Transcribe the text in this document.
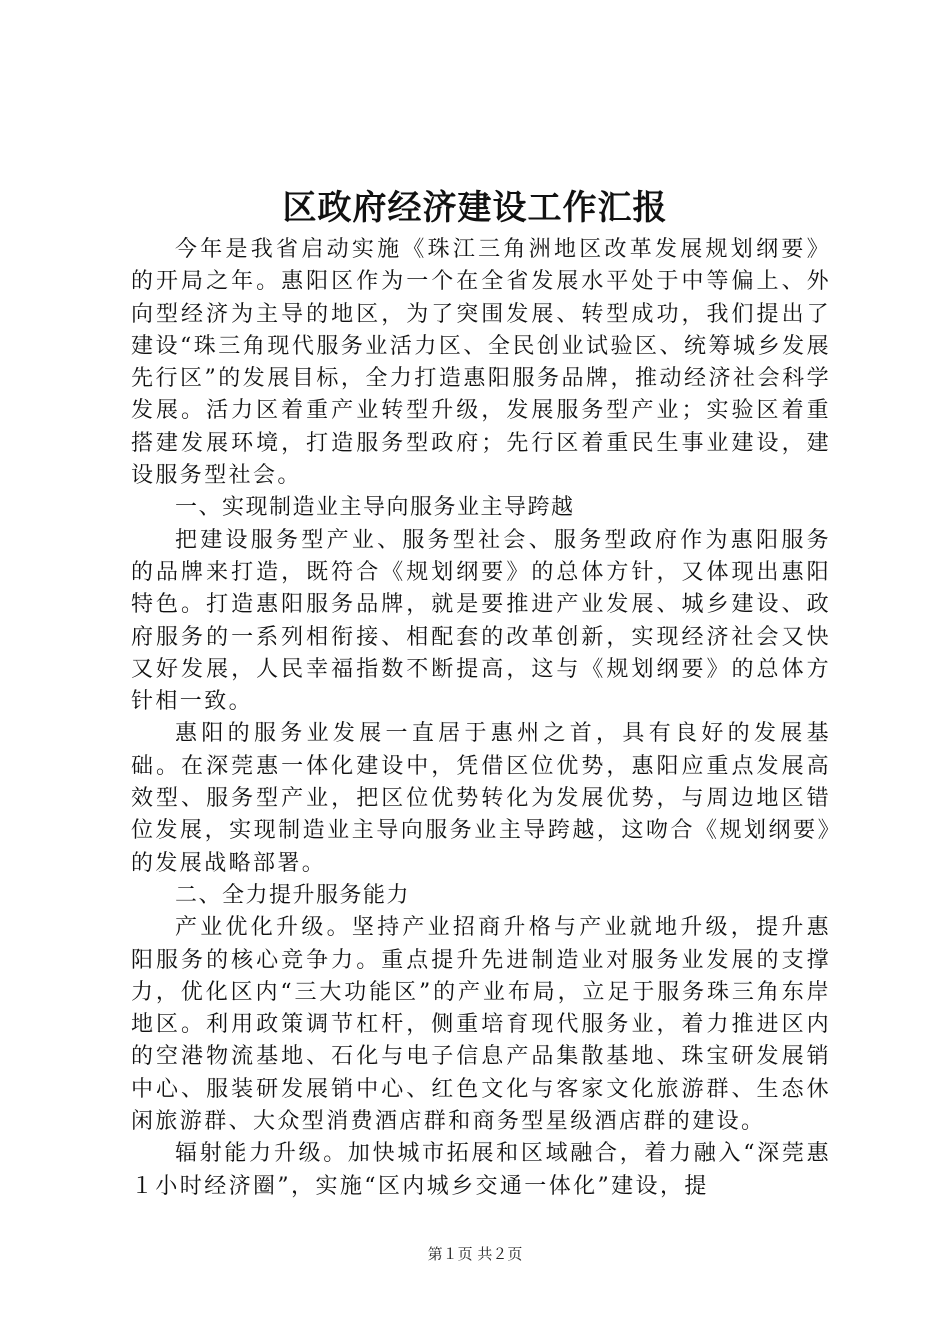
区政府经济建设工作汇报

今年是我省启动实施《珠江三角洲地区改革发展规划纲要》的开局之年。惠阳区作为一个在全省发展水平处于中等偏上、外向型经济为主导的地区，为了突围发展、转型成功，我们提出了建设“珠三角现代服务业活力区、全民创业试验区、统筹城乡发展先行区”的发展目标，全力打造惠阳服务品牌，推动经济社会科学发展。活力区着重产业转型升级，发展服务型产业；实验区着重搭建发展环境，打造服务型政府；先行区着重民生事业建设，建设服务型社会。

一、实现制造业主导向服务业主导跨越

把建设服务型产业、服务型社会、服务型政府作为惠阳服务的品牌来打造，既符合《规划纲要》的总体方针，又体现出惠阳特色。打造惠阳服务品牌，就是要推进产业发展、城乡建设、政府服务的一系列相衔接、相配套的改革创新，实现经济社会又快又好发展，人民幸福指数不断提高，这与《规划纲要》的总体方针相一致。

惠阳的服务业发展一直居于惠州之首，具有良好的发展基础。在深莞惠一体化建设中，凭借区位优势，惠阳应重点发展高效型、服务型产业，把区位优势转化为发展优势，与周边地区错位发展，实现制造业主导向服务业主导跨越，这吻合《规划纲要》的发展战略部署。

二、全力提升服务能力

产业优化升级。坚持产业招商升格与产业就地升级，提升惠阳服务的核心竞争力。重点提升先进制造业对服务业发展的支撑力，优化区内“三大功能区”的产业布局，立足于服务珠三角东岸地区。利用政策调节杠杆，侧重培育现代服务业，着力推进区内的空港物流基地、石化与电子信息产品集散基地、珠宝研发展销中心、服装研发展销中心、红色文化与客家文化旅游群、生态休闲旅游群、大众型消费酒店群和商务型星级酒店群的建设。

辐射能力升级。加快城市拓展和区域融合，着力融入“深莞惠１小时经济圈”，实施“区内城乡交通一体化”建设，提

第１页 共２页
